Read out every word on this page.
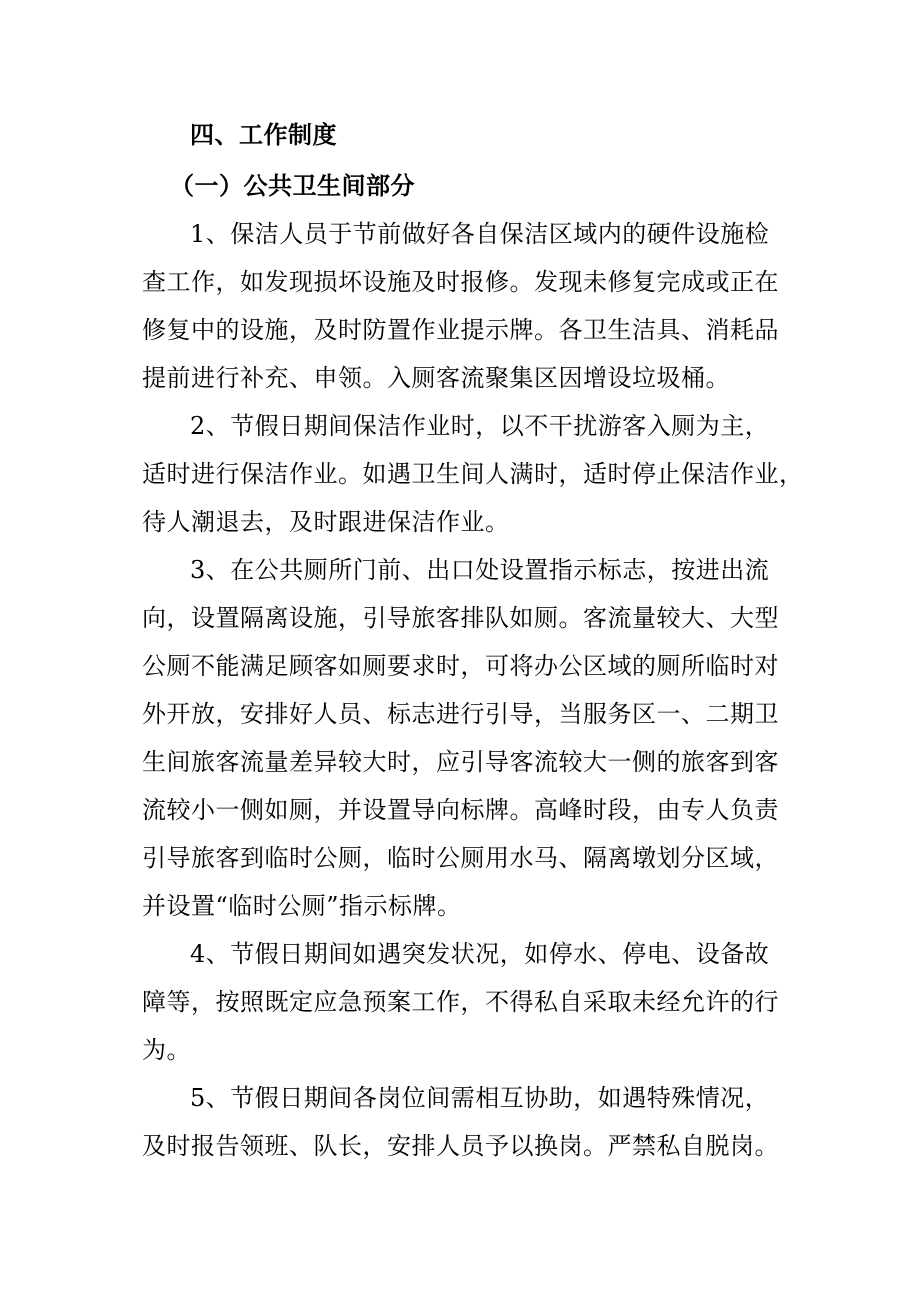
四、工作制度
（一）公共卫生间部分
1、保洁人员于节前做好各自保洁区域内的硬件设施检
查工作，如发现损坏设施及时报修。发现未修复完成或正在
修复中的设施，及时防置作业提示牌。各卫生洁具、消耗品
提前进行补充、申领。入厕客流聚集区因增设垃圾桶。
2、节假日期间保洁作业时，以不干扰游客入厕为主，
适时进行保洁作业。如遇卫生间人满时，适时停止保洁作业，
待人潮退去，及时跟进保洁作业。
3、在公共厕所门前、出口处设置指示标志，按进出流
向，设置隔离设施，引导旅客排队如厕。客流量较大、大型
公厕不能满足顾客如厕要求时，可将办公区域的厕所临时对
外开放，安排好人员、标志进行引导，当服务区一、二期卫
生间旅客流量差异较大时，应引导客流较大一侧的旅客到客
流较小一侧如厕，并设置导向标牌。高峰时段，由专人负责
引导旅客到临时公厕，临时公厕用水马、隔离墩划分区域，
并设置“临时公厕”指示标牌。
4、节假日期间如遇突发状况，如停水、停电、设备故
障等，按照既定应急预案工作，不得私自采取未经允许的行
为。
5、节假日期间各岗位间需相互协助，如遇特殊情况，
及时报告领班、队长，安排人员予以换岗。严禁私自脱岗。
